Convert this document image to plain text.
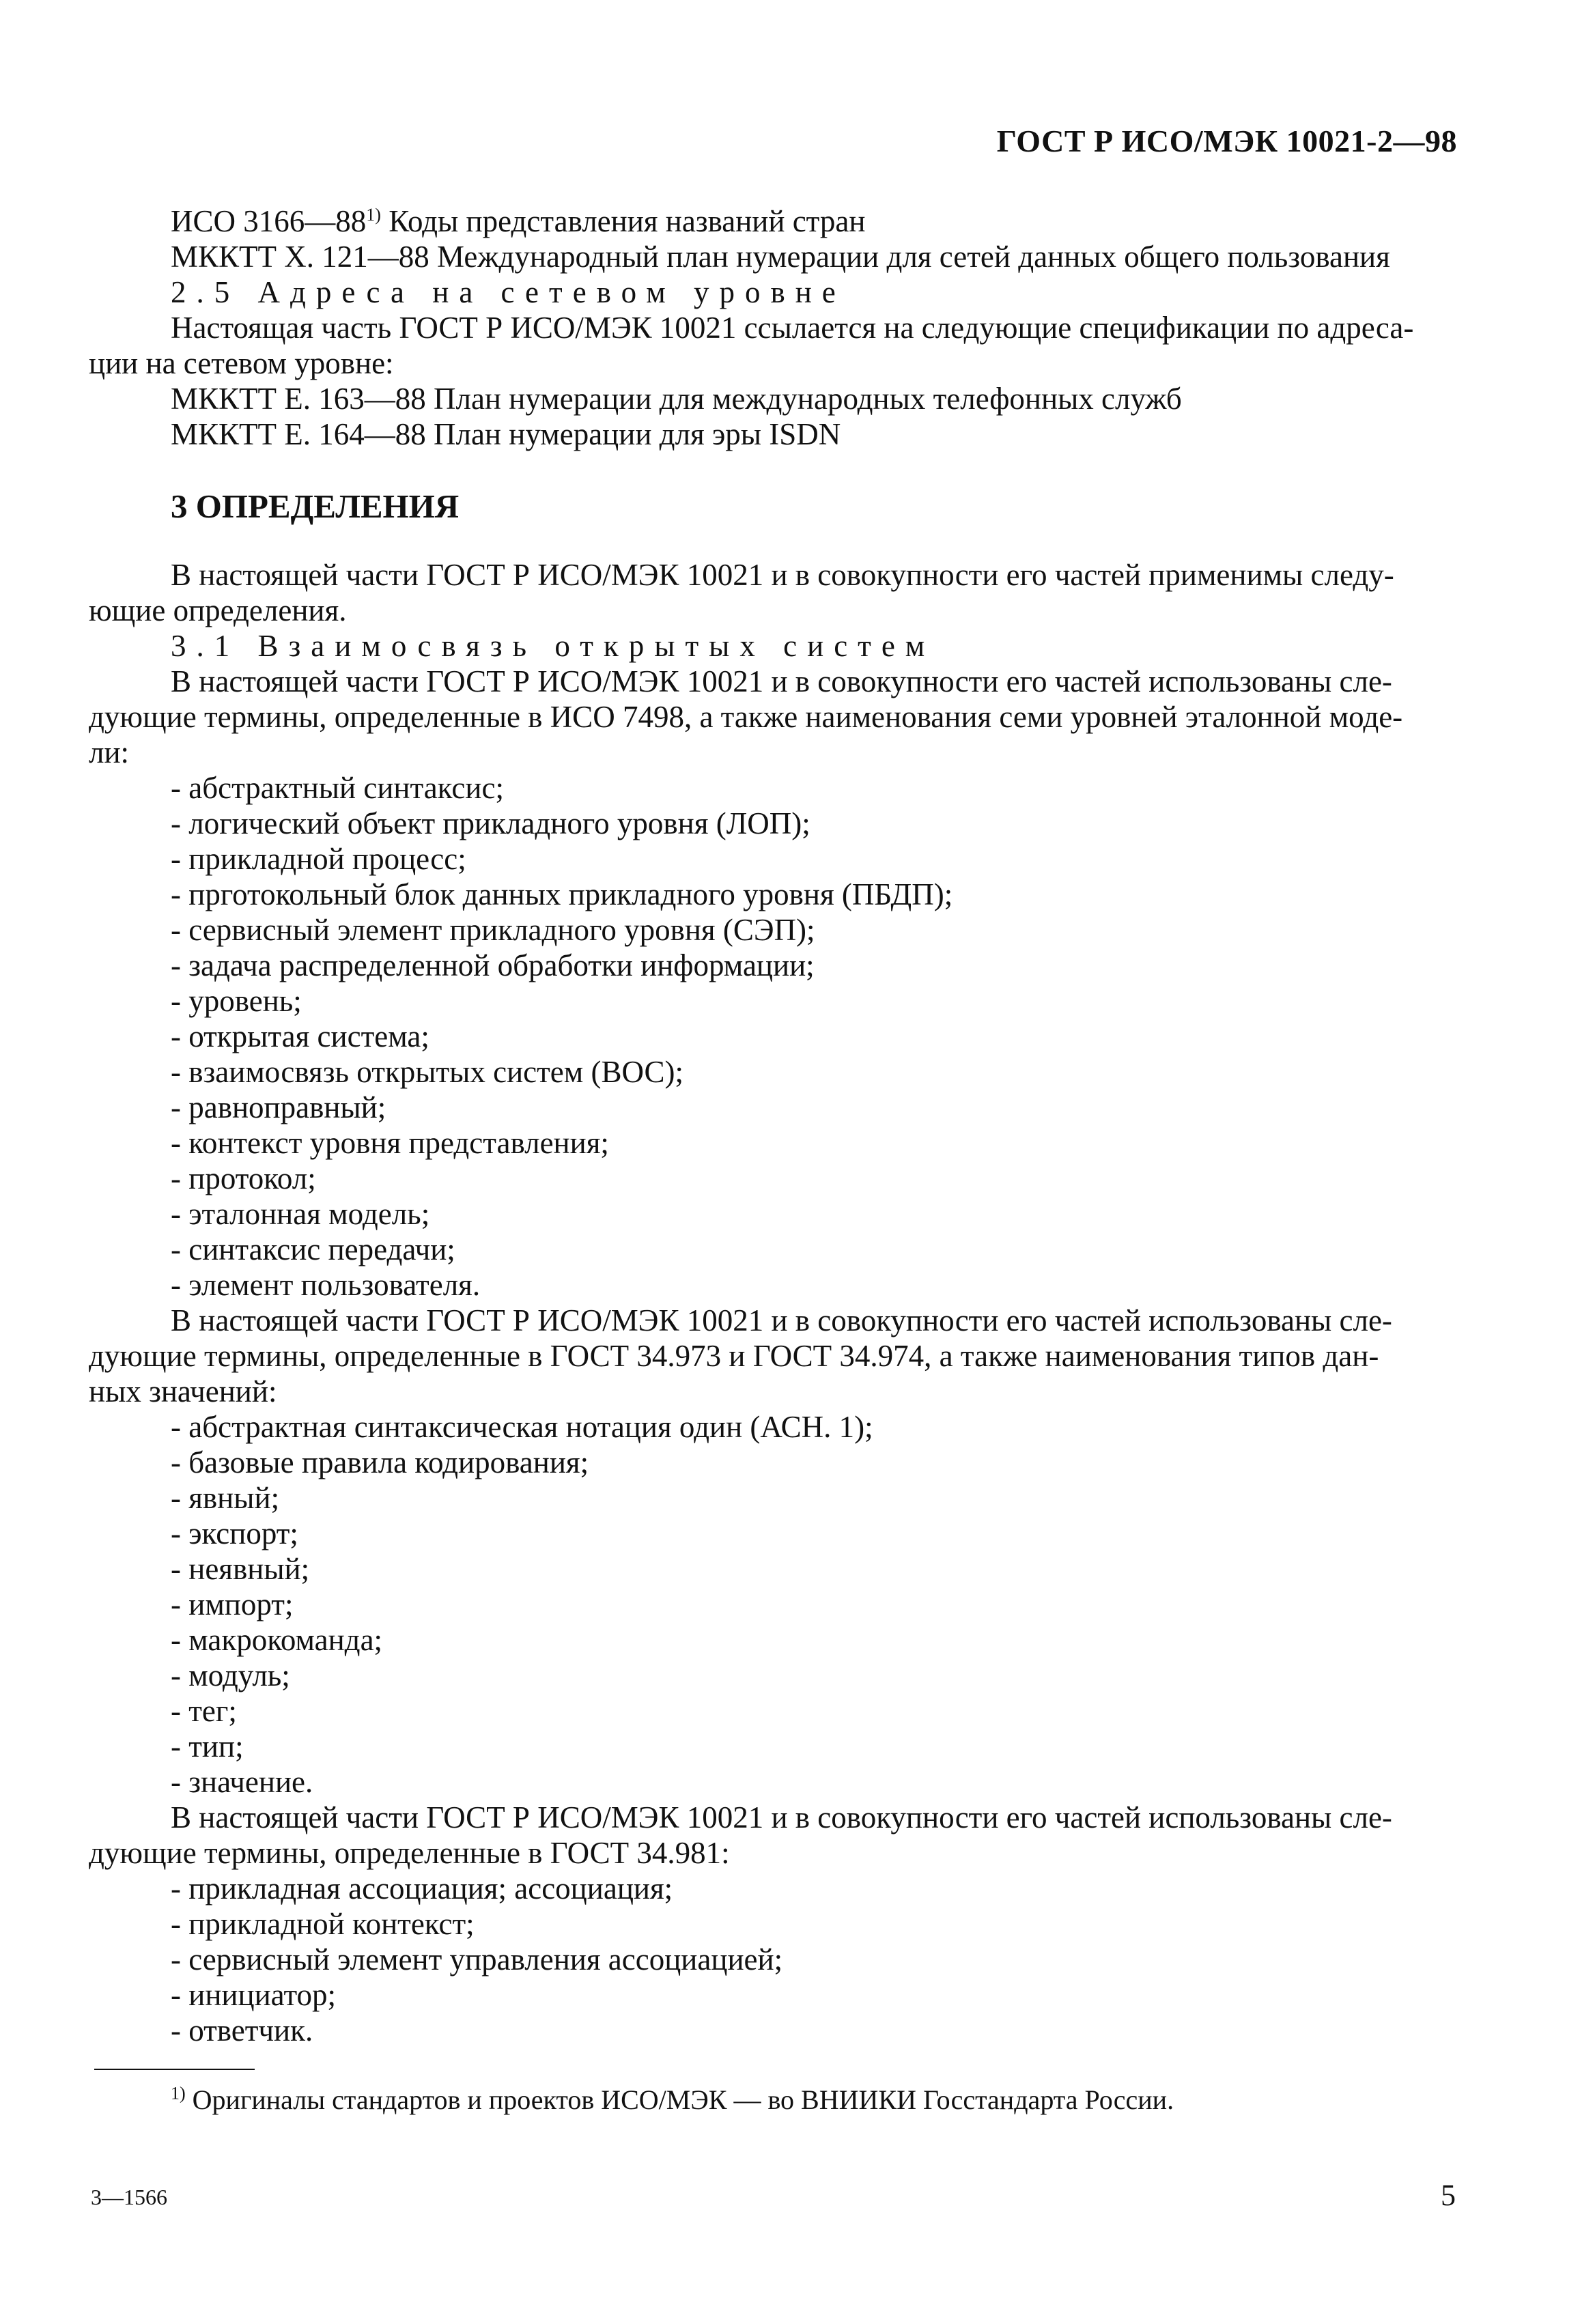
ГОСТ Р ИСО/МЭК 10021-2—98
ИСО 3166—88$^{1)}$ Коды представления названий стран
МККТТ Х. 121—88 Международный план нумерации для сетей данных общего пользования
2.5 Адреса на сетевом уровне
Настоящая часть ГОСТ Р ИСО/МЭК 10021 ссылается на следующие спецификации по адреса-
ции на сетевом уровне:
МККТТ Е. 163—88 План нумерации для международных телефонных служб
МККТТ Е. 164—88 План нумерации для эры ISDN
3 ОПРЕДЕЛЕНИЯ
В настоящей части ГОСТ Р ИСО/МЭК 10021 и в совокупности его частей применимы следу-
ющие определения.
3.1 Взаимосвязь открытых систем
В настоящей части ГОСТ Р ИСО/МЭК 10021 и в совокупности его частей использованы сле-
дующие термины, определенные в ИСО 7498, а также наименования семи уровней эталонной моде-
ли:
- абстрактный синтаксис;
- логический объект прикладного уровня (ЛОП);
- прикладной процесс;
- прготокольный блок данных прикладного уровня (ПБДП);
- сервисный элемент прикладного уровня (СЭП);
- задача распределенной обработки информации;
- уровень;
- открытая система;
- взаимосвязь открытых систем (ВОС);
- равноправный;
- контекст уровня представления;
- протокол;
- эталонная модель;
- синтаксис передачи;
- элемент пользователя.
В настоящей части ГОСТ Р ИСО/МЭК 10021 и в совокупности его частей использованы сле-
дующие термины, определенные в ГОСТ 34.973 и ГОСТ 34.974, а также наименования типов дан-
ных значений:
- абстрактная синтаксическая нотация один (АСН. 1);
- базовые правила кодирования;
- явный;
- экспорт;
- неявный;
- импорт;
- макрокоманда;
- модуль;
- тег;
- тип;
- значение.
В настоящей части ГОСТ Р ИСО/МЭК 10021 и в совокупности его частей использованы сле-
дующие термины, определенные в ГОСТ 34.981:
- прикладная ассоциация; ассоциация;
- прикладной контекст;
- сервисный элемент управления ассоциацией;
- инициатор;
- ответчик.
$^{1)}$ Оригиналы стандартов и проектов ИСО/МЭК — во ВНИИКИ Госстандарта России.
3—1566	5
